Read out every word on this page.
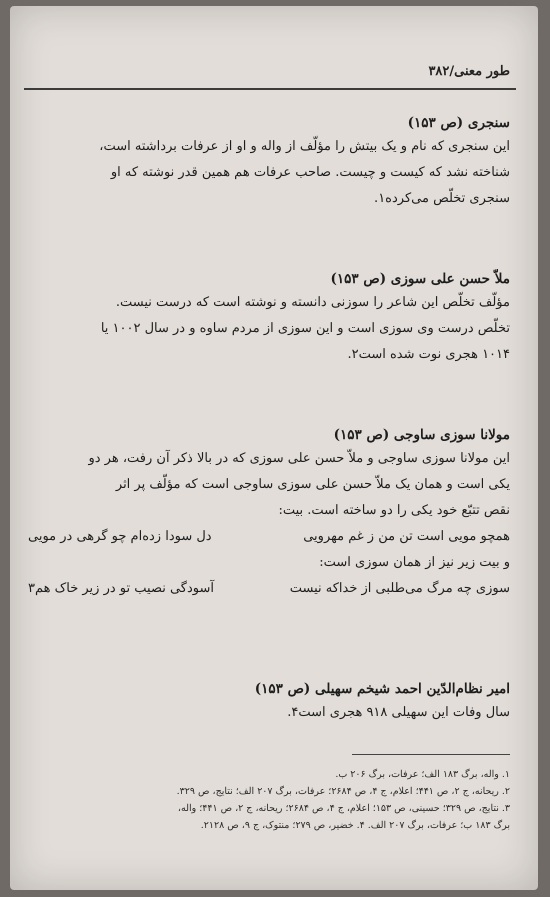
طور معنی/۳۸۲
سنجری (ص ۱۵۳)
این سنجری که نام و یک بیتش را مؤلّف از واله و او از عرفات برداشته است،
شناخته نشد که کیست و چیست. صاحب عرفات هم همین قدر نوشته که او
سنجری تخلّص می‌کرده۱.
ملاّ حسن علی سوزی (ص ۱۵۳)
مؤلّف تخلّص این شاعر را سوزنی دانسته و نوشته است که درست نیست.
تخلّص درست وی سوزی است و این سوزی از مردم ساوه و در سال ۱۰۰۲ یا
۱۰۱۴ هجری نوت شده است۲.
مولانا سوزی ساوجی (ص ۱۵۳)
این مولانا سوزی ساوجی و ملاّ حسن علی سوزی که در بالا ذکر آن رفت، هر دو
یکی است و همان یک ملاّ حسن علی سوزی ساوجی است که مؤلّف پر اثر
نقص تتبّع خود یکی را دو ساخته است. بیت:
همچو مویی است تن من ز غم مهرویی
دل سودا زده‌ام چو گرهی در مویی
و بیت زیر نیز از همان سوزی است:
سوزی چه مرگ می‌طلبی از خداکه نیست
آسودگی نصیب تو در زیر خاک هم۳
امیر نظام‌الدّین احمد شیخم سهیلی (ص ۱۵۳)
سال وفات این سهیلی ۹۱۸ هجری است۴.
۱. واله، برگ ۱۸۳ الف؛ عرفات، برگ ۲۰۶ ب.
۲. ریحانه، ج ۲، ص ۴۴۱؛ اعلام، ج ۴، ص ۲۶۸۴؛ عرفات، برگ ۲۰۷ الف؛ نتایج، ص ۳۲۹.
۳. نتایج، ص ۳۲۹؛ حسینی، ص ۱۵۳؛ اعلام، ج ۴، ص ۲۶۸۴؛ ریحانه، ج ۲، ص ۴۴۱؛ واله،
برگ ۱۸۳ ب؛ عرفات، برگ ۲۰۷ الف. ۴. خضیر، ص ۲۷۹؛ منتوک، ج ۹، ص ۲۱۲۸.
